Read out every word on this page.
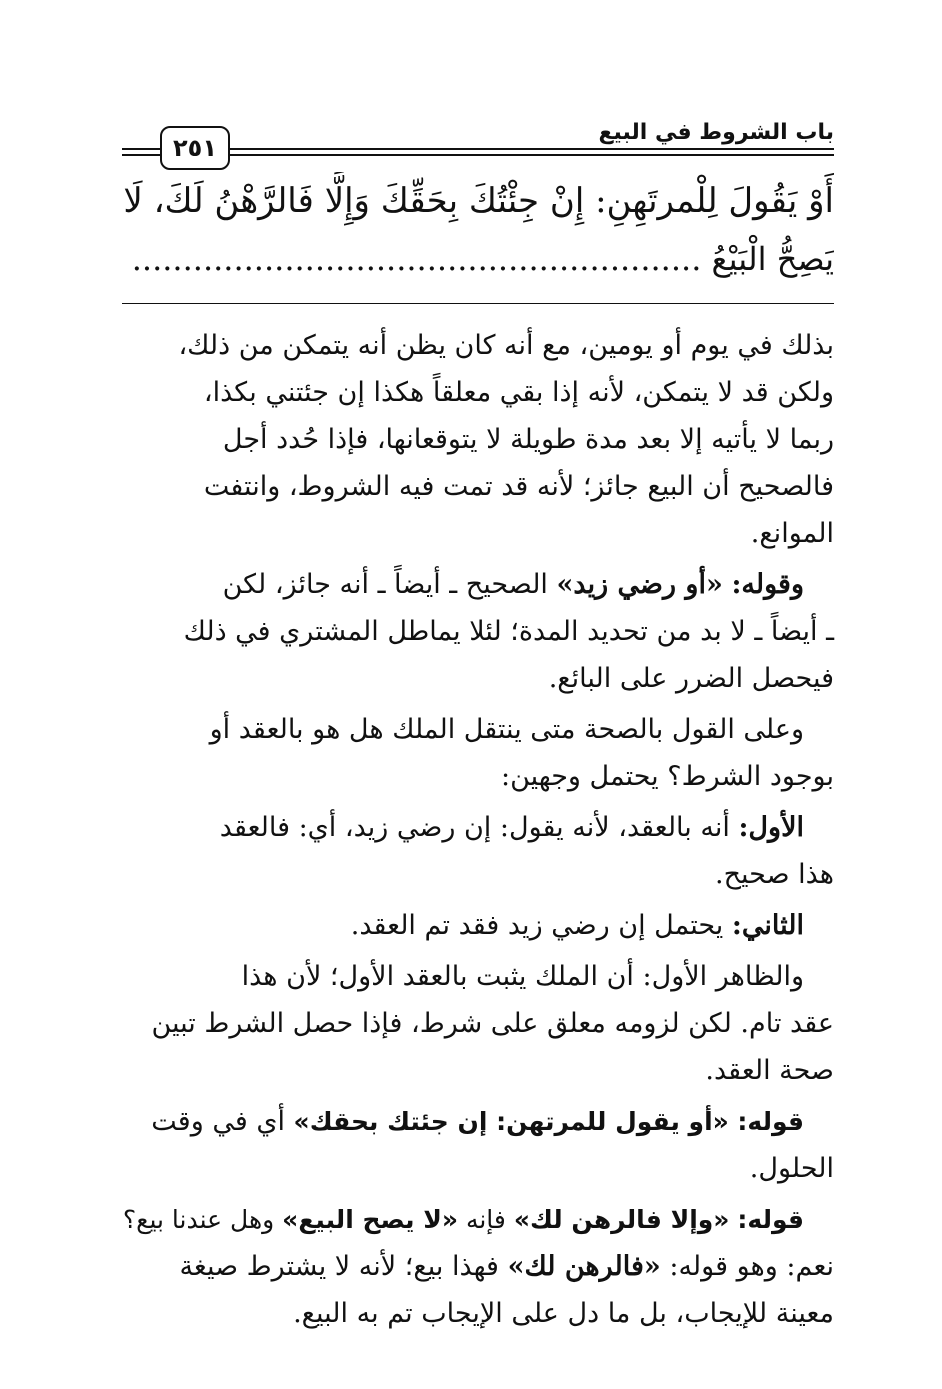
باب الشروط في البيع
٢٥١
أَوْ يَقُولَ لِلْمرتَهِنِ: إِنْ جِئْتُكَ بِحَقِّكَ وَإِلَّا فَالرَّهْنُ لَكَ، لَا
يَصِحُّ الْبَيْعُ ........................................................
بذلك في يوم أو يومين، مع أنه كان يظن أنه يتمكن من ذلك،
ولكن قد لا يتمكن، لأنه إذا بقي معلقاً هكذا إن جئتني بكذا،
ربما لا يأتيه إلا بعد مدة طويلة لا يتوقعانها، فإذا حُدد أجل
فالصحيح أن البيع جائز؛ لأنه قد تمت فيه الشروط، وانتفت
الموانع.
وقوله: «أو رضي زيد» الصحيح ـ أيضاً ـ أنه جائز، لكن
ـ أيضاً ـ لا بد من تحديد المدة؛ لئلا يماطل المشتري في ذلك
فيحصل الضرر على البائع.
وعلى القول بالصحة متى ينتقل الملك هل هو بالعقد أو
بوجود الشرط؟ يحتمل وجهين:
الأول: أنه بالعقد، لأنه يقول: إن رضي زيد، أي: فالعقد
هذا صحيح.
الثاني: يحتمل إن رضي زيد فقد تم العقد.
والظاهر الأول: أن الملك يثبت بالعقد الأول؛ لأن هذا
عقد تام. لكن لزومه معلق على شرط، فإذا حصل الشرط تبين
صحة العقد.
قوله: «أو يقول للمرتهن: إن جئتك بحقك» أي في وقت
الحلول.
قوله: «وإلا فالرهن لك» فإنه «لا يصح البيع» وهل عندنا بيع؟
نعم: وهو قوله: «فالرهن لك» فهذا بيع؛ لأنه لا يشترط صيغة
معينة للإيجاب، بل ما دل على الإيجاب تم به البيع.
